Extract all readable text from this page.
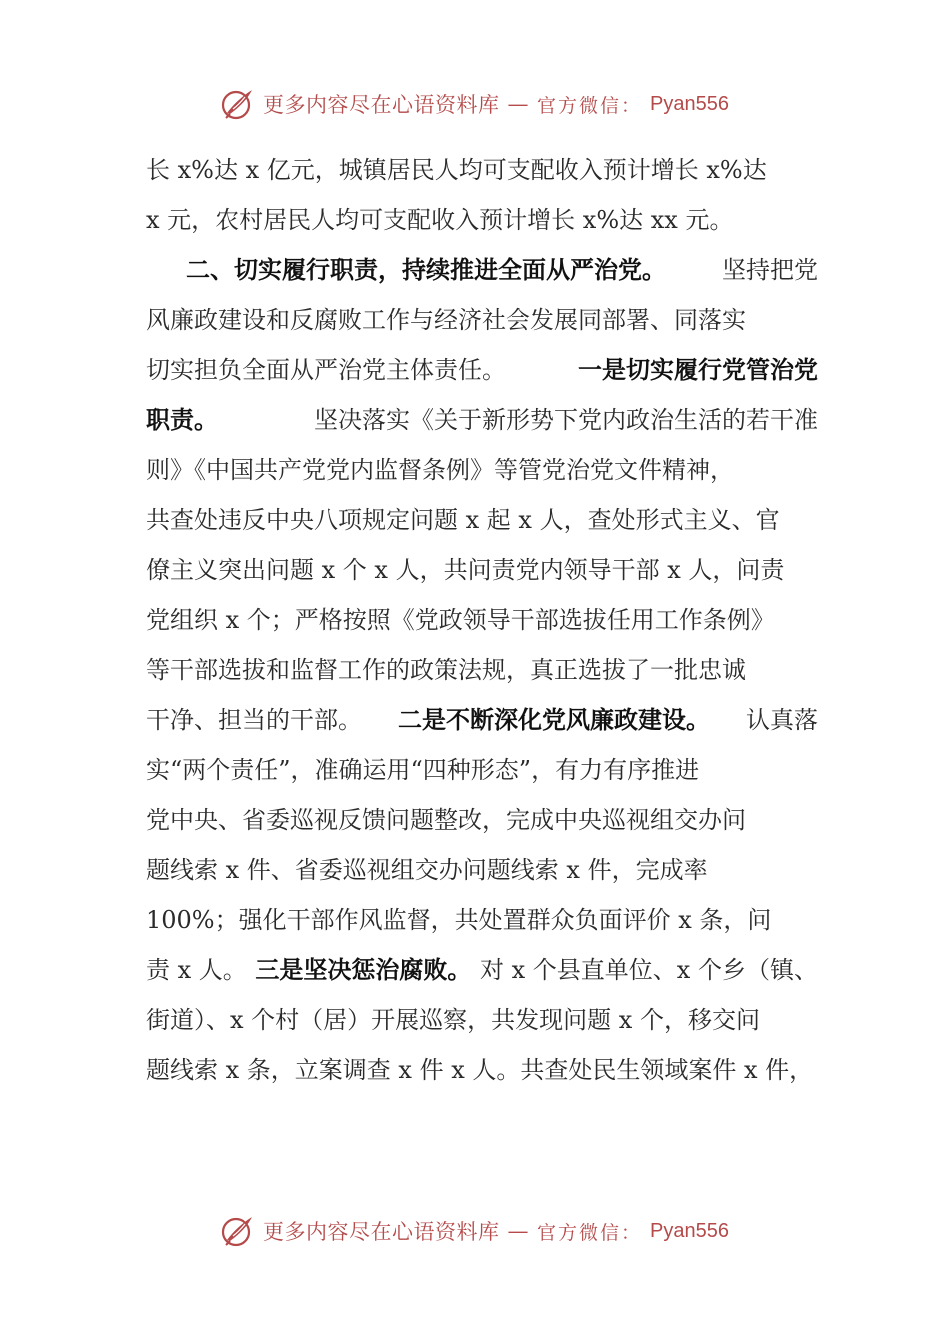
更多内容尽在心语资料库 — 官方微信： Pyan556
长 x%达 x 亿元，城镇居民人均可支配收入预计增长 x%达
x 元，农村居民人均可支配收入预计增长 x%达 xx 元。
二、切实履行职责，持续推进全面从严治党。 坚持把党
风廉政建设和反腐败工作与经济社会发展同部署、同落实
切实担负全面从严治党主体责任。	一是切实履行党管治党
职责。	坚决落实《关于新形势下党内政治生活的若干准
则》《中国共产党党内监督条例》等管党治党文件精神，
共查处违反中央八项规定问题 x 起 x 人，查处形式主义、官
僚主义突出问题 x 个 x 人，共问责党内领导干部 x 人，问责
党组织 x 个；严格按照《党政领导干部选拔任用工作条例》
等干部选拔和监督工作的政策法规，真正选拔了一批忠诚
干净、担当的干部。 二是不断深化党风廉政建设。 认真落
实“两个责任”，准确运用“四种形态”，有力有序推进
党中央、省委巡视反馈问题整改，完成中央巡视组交办问
题线索 x 件、省委巡视组交办问题线索 x 件，完成率
100%；强化干部作风监督，共处置群众负面评价 x 条，问
责 x 人。 三是坚决惩治腐败。 对 x 个县直单位、x 个乡（镇、
街道）、x 个村（居）开展巡察，共发现问题 x 个，移交问
题线索 x 条，立案调查 x 件 x 人。共查处民生领域案件 x 件，
更多内容尽在心语资料库 — 官方微信： Pyan556
